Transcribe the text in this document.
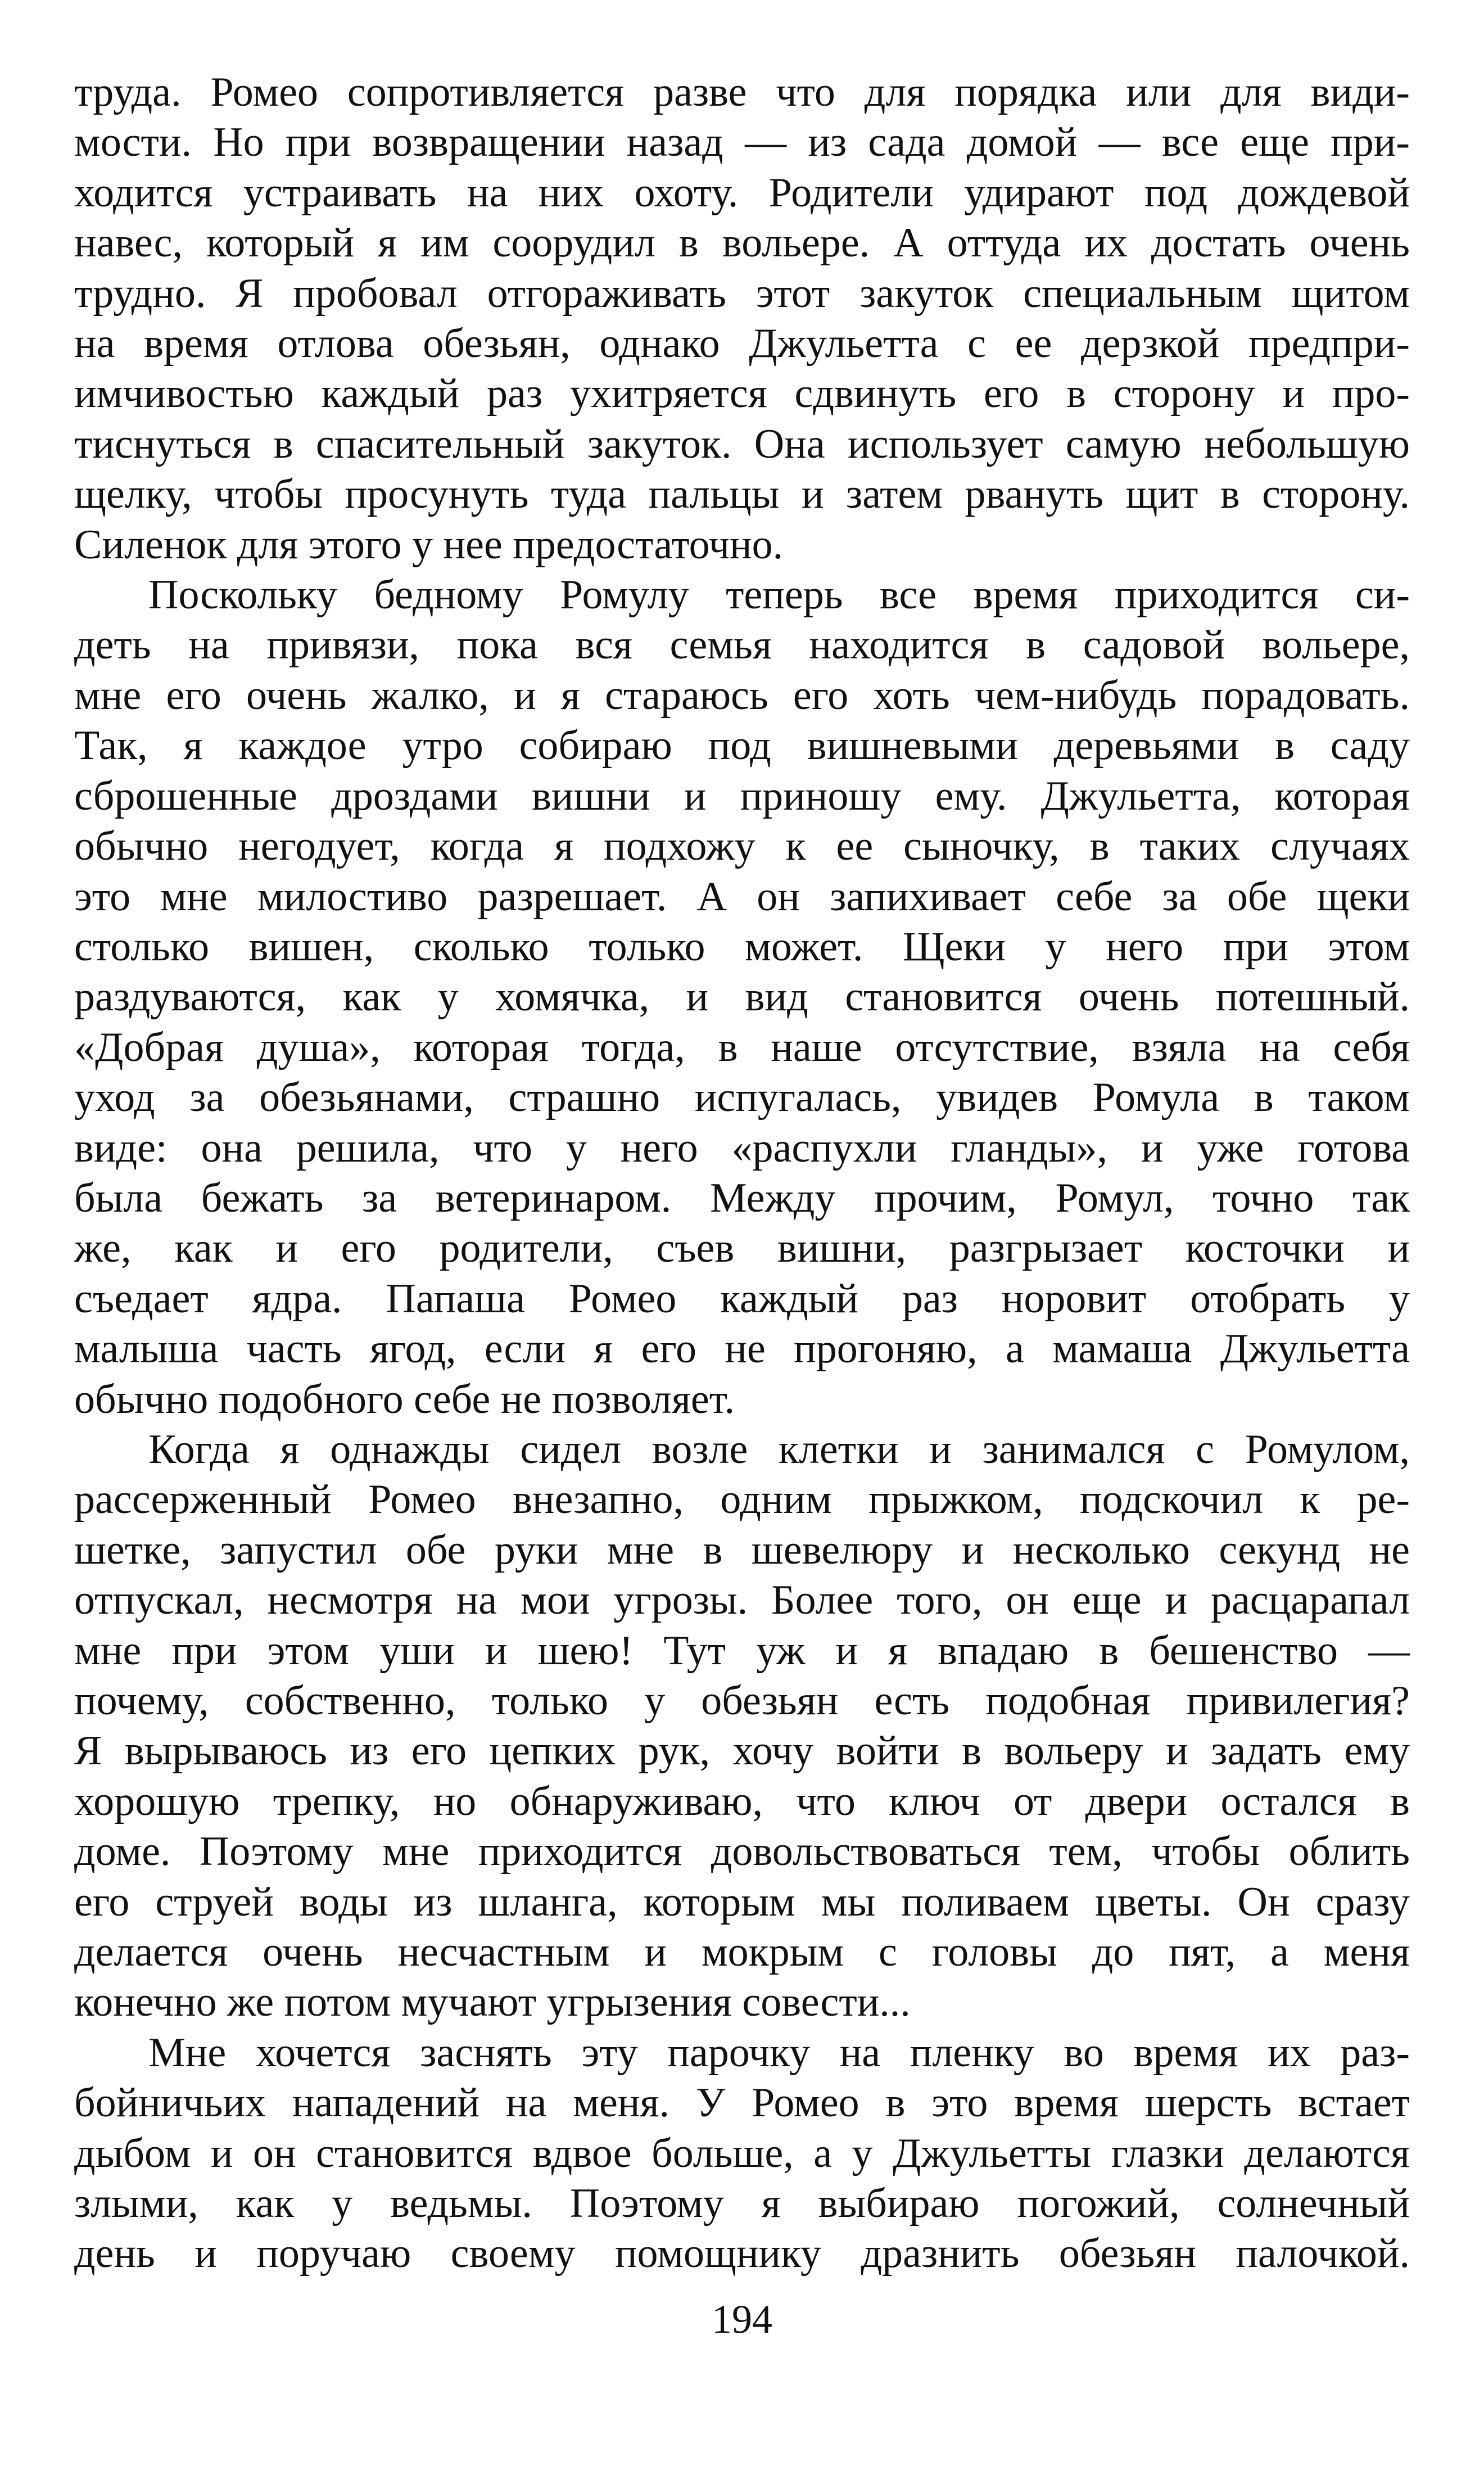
труда. Ромео сопротивляется разве что для порядка или для види-
мости. Но при возвращении назад — из сада домой — все еще при-
ходится устраивать на них охоту. Родители удирают под дождевой
навес, который я им соорудил в вольере. А оттуда их достать очень
трудно. Я пробовал отгораживать этот закуток специальным щитом
на время отлова обезьян, однако Джульетта с ее дерзкой предпри-
имчивостью каждый раз ухитряется сдвинуть его в сторону и про-
тиснуться в спасительный закуток. Она использует самую небольшую
щелку, чтобы просунуть туда пальцы и затем рвануть щит в сторону.
Силенок для этого у нее предостаточно.

Поскольку бедному Ромулу теперь все время приходится си-
деть на привязи, пока вся семья находится в садовой вольере,
мне его очень жалко, и я стараюсь его хоть чем-нибудь порадовать.
Так, я каждое утро собираю под вишневыми деревьями в саду
сброшенные дроздами вишни и приношу ему. Джульетта, которая
обычно негодует, когда я подхожу к ее сыночку, в таких случаях
это мне милостиво разрешает. А он запихивает себе за обе щеки
столько вишен, сколько только может. Щеки у него при этом
раздуваются, как у хомячка, и вид становится очень потешный.
«Добрая душа», которая тогда, в наше отсутствие, взяла на себя
уход за обезьянами, страшно испугалась, увидев Ромула в таком
виде: она решила, что у него «распухли гланды», и уже готова
была бежать за ветеринаром. Между прочим, Ромул, точно так
же, как и его родители, съев вишни, разгрызает косточки и
съедает ядра. Папаша Ромео каждый раз норовит отобрать у
малыша часть ягод, если я его не прогоняю, а мамаша Джульетта
обычно подобного себе не позволяет.

Когда я однажды сидел возле клетки и занимался с Ромулом,
рассерженный Ромео внезапно, одним прыжком, подскочил к ре-
шетке, запустил обе руки мне в шевелюру и несколько секунд не
отпускал, несмотря на мои угрозы. Более того, он еще и расцарапал
мне при этом уши и шею! Тут уж и я впадаю в бешенство —
почему, собственно, только у обезьян есть подобная привилегия?
Я вырываюсь из его цепких рук, хочу войти в вольеру и задать ему
хорошую трепку, но обнаруживаю, что ключ от двери остался в
доме. Поэтому мне приходится довольствоваться тем, чтобы облить
его струей воды из шланга, которым мы поливаем цветы. Он сразу
делается очень несчастным и мокрым с головы до пят, а меня
конечно же потом мучают угрызения совести...

Мне хочется заснять эту парочку на пленку во время их раз-
бойничьих нападений на меня. У Ромео в это время шерсть встает
дыбом и он становится вдвое больше, а у Джульетты глазки делаются
злыми, как у ведьмы. Поэтому я выбираю погожий, солнечный
день и поручаю своему помощнику дразнить обезьян палочкой.

194
